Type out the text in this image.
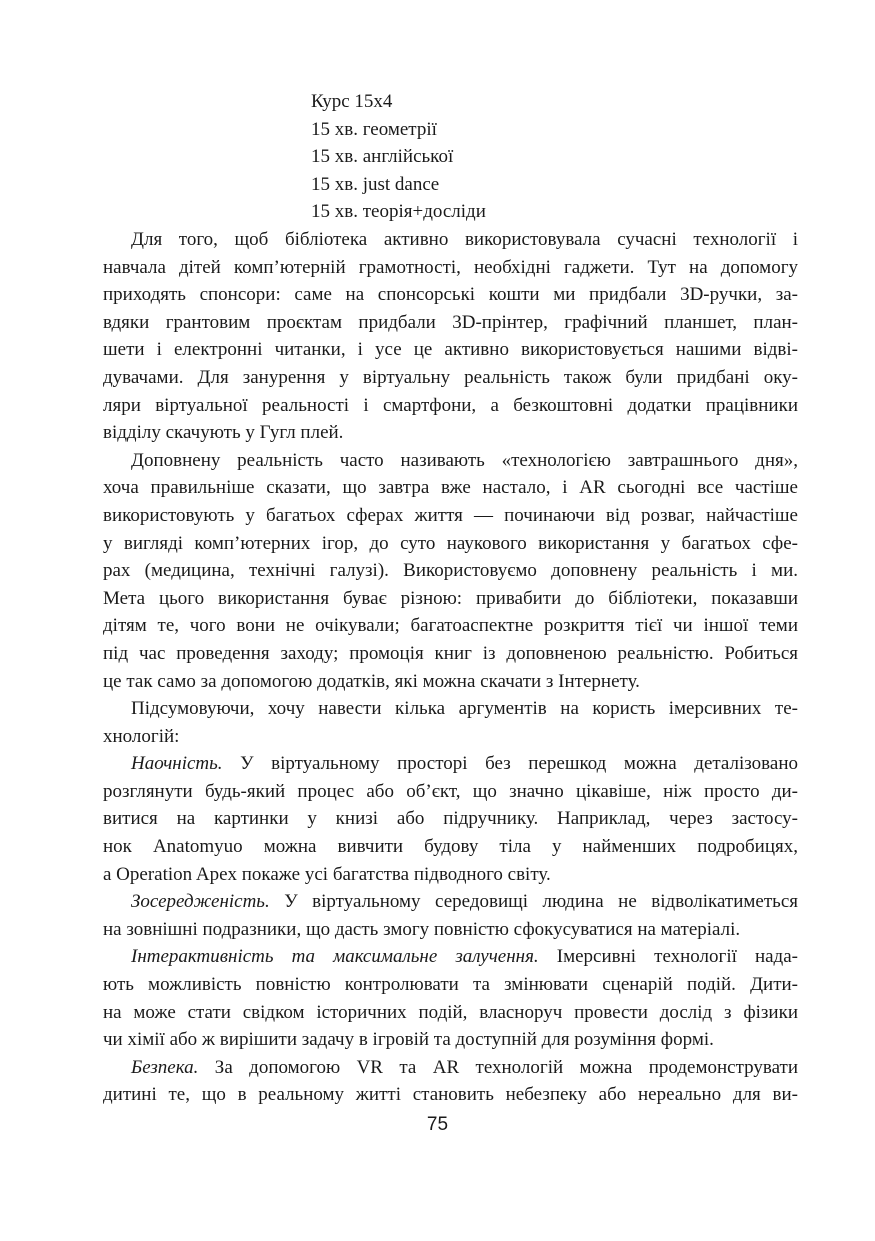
Курс 15х4
15 хв. геометрії
15 хв. англійської
15 хв. just dance
15 хв. теорія+досліди
Для того, щоб бібліотека активно використовувала сучасні технології і
навчала дітей комп’ютерній грамотності, необхідні гаджети. Тут на допомогу
приходять спонсори: саме на спонсорські кошти ми придбали 3D-ручки, за-
вдяки грантовим проєктам придбали 3D-прінтер, графічний планшет, план-
шети і електронні читанки, і усе це активно використовується нашими відві-
дувачами. Для занурення у віртуальну реальність також були придбані оку-
ляри віртуальної реальності і смартфони, а безкоштовні додатки працівники
відділу скачують у Гугл плей.
Доповнену реальність часто називають «технологією завтрашнього дня»,
хоча правильніше сказати, що завтра вже настало, і AR сьогодні все частіше
використовують у багатьох сферах життя — починаючи від розваг, найчастіше
у вигляді комп’ютерних ігор, до суто наукового використання у багатьох сфе-
рах (медицина, технічні галузі). Використовуємо доповнену реальність і ми.
Мета цього використання буває різною: привабити до бібліотеки, показавши
дітям те, чого вони не очікували; багатоаспектне розкриття тієї чи іншої теми
під час проведення заходу; промоція книг із доповненою реальністю. Робиться
це так само за допомогою додатків, які можна скачати з Інтернету.
Підсумовуючи, хочу навести кілька аргументів на користь імерсивних те-
хнологій:
Наочність. У віртуальному просторі без перешкод можна деталізовано
розглянути будь-який процес або об’єкт, що значно цікавіше, ніж просто ди-
витися на картинки у книзі або підручнику. Наприклад, через застосу-
нок Anatomyuo можна вивчити будову тіла у найменших подробицях,
а Operation Apex покаже усі багатства підводного світу.
Зосередженість. У віртуальному середовищі людина не відволікатиметься
на зовнішні подразники, що дасть змогу повністю сфокусуватися на матеріалі.
Інтерактивність та максимальне залучення. Імерсивні технології нада-
ють можливість повністю контролювати та змінювати сценарій подій. Дити-
на може стати свідком історичних подій, власноруч провести дослід з фізики
чи хімії або ж вирішити задачу в ігровій та доступній для розуміння формі.
Безпека. За допомогою VR та AR технологій можна продемонструвати
дитині те, що в реальному житті становить небезпеку або нереально для ви-
75
